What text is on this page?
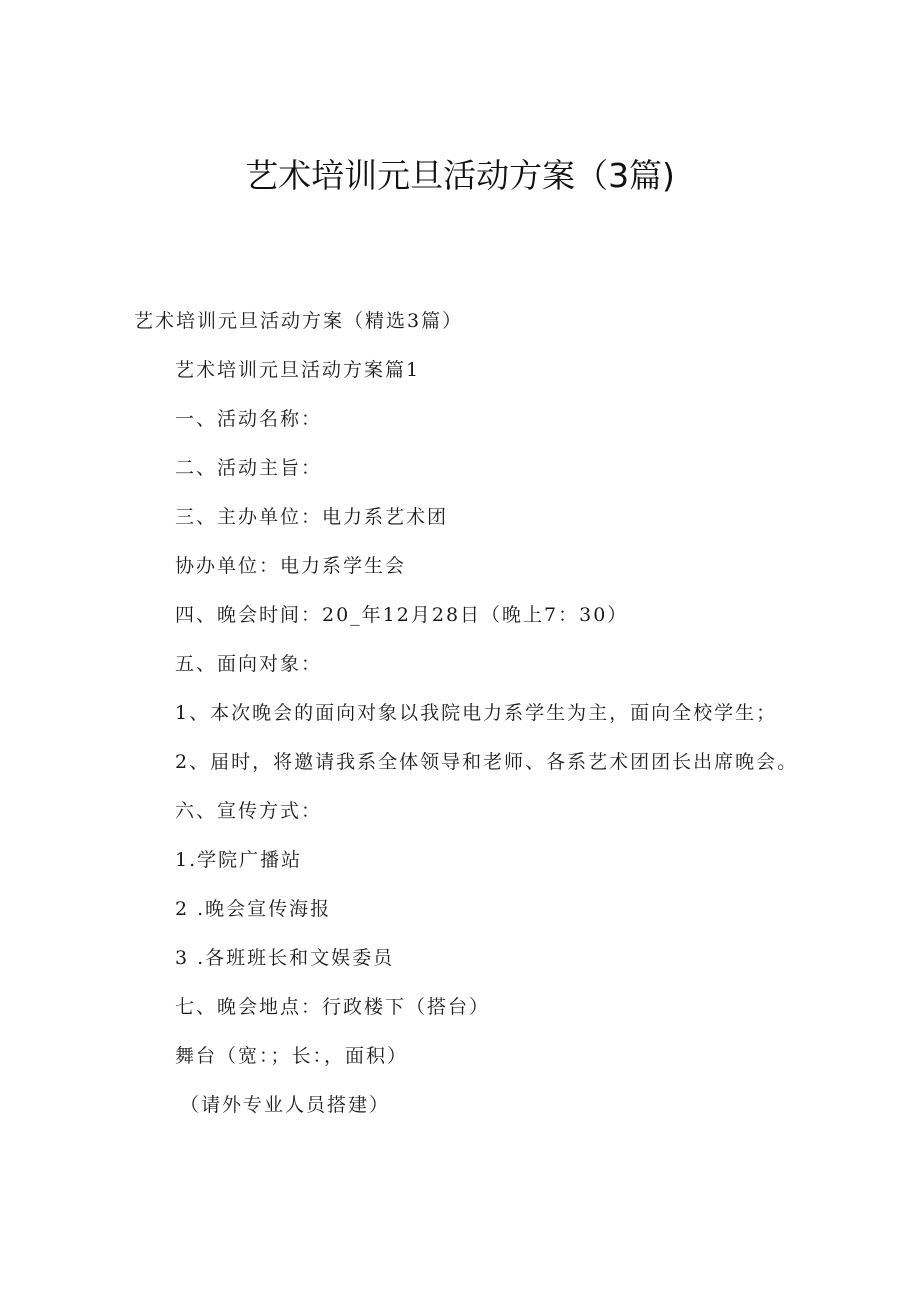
艺术培训元旦活动方案（3篇)

艺术培训元旦活动方案（精选3篇）

艺术培训元旦活动方案篇1

一、活动名称：

二、活动主旨：

三、主办单位：电力系艺术团

协办单位：电力系学生会

四、晚会时间：20_年12月28日（晚上7：30）

五、面向对象：

1、本次晚会的面向对象以我院电力系学生为主，面向全校学生；

2、届时，将邀请我系全体领导和老师、各系艺术团团长出席晚会。

六、宣传方式：

1.学院广播站

2 .晚会宣传海报

3 .各班班长和文娱委员

七、晚会地点：行政楼下（搭台）

舞台（宽：；长：，面积）

（请外专业人员搭建）
